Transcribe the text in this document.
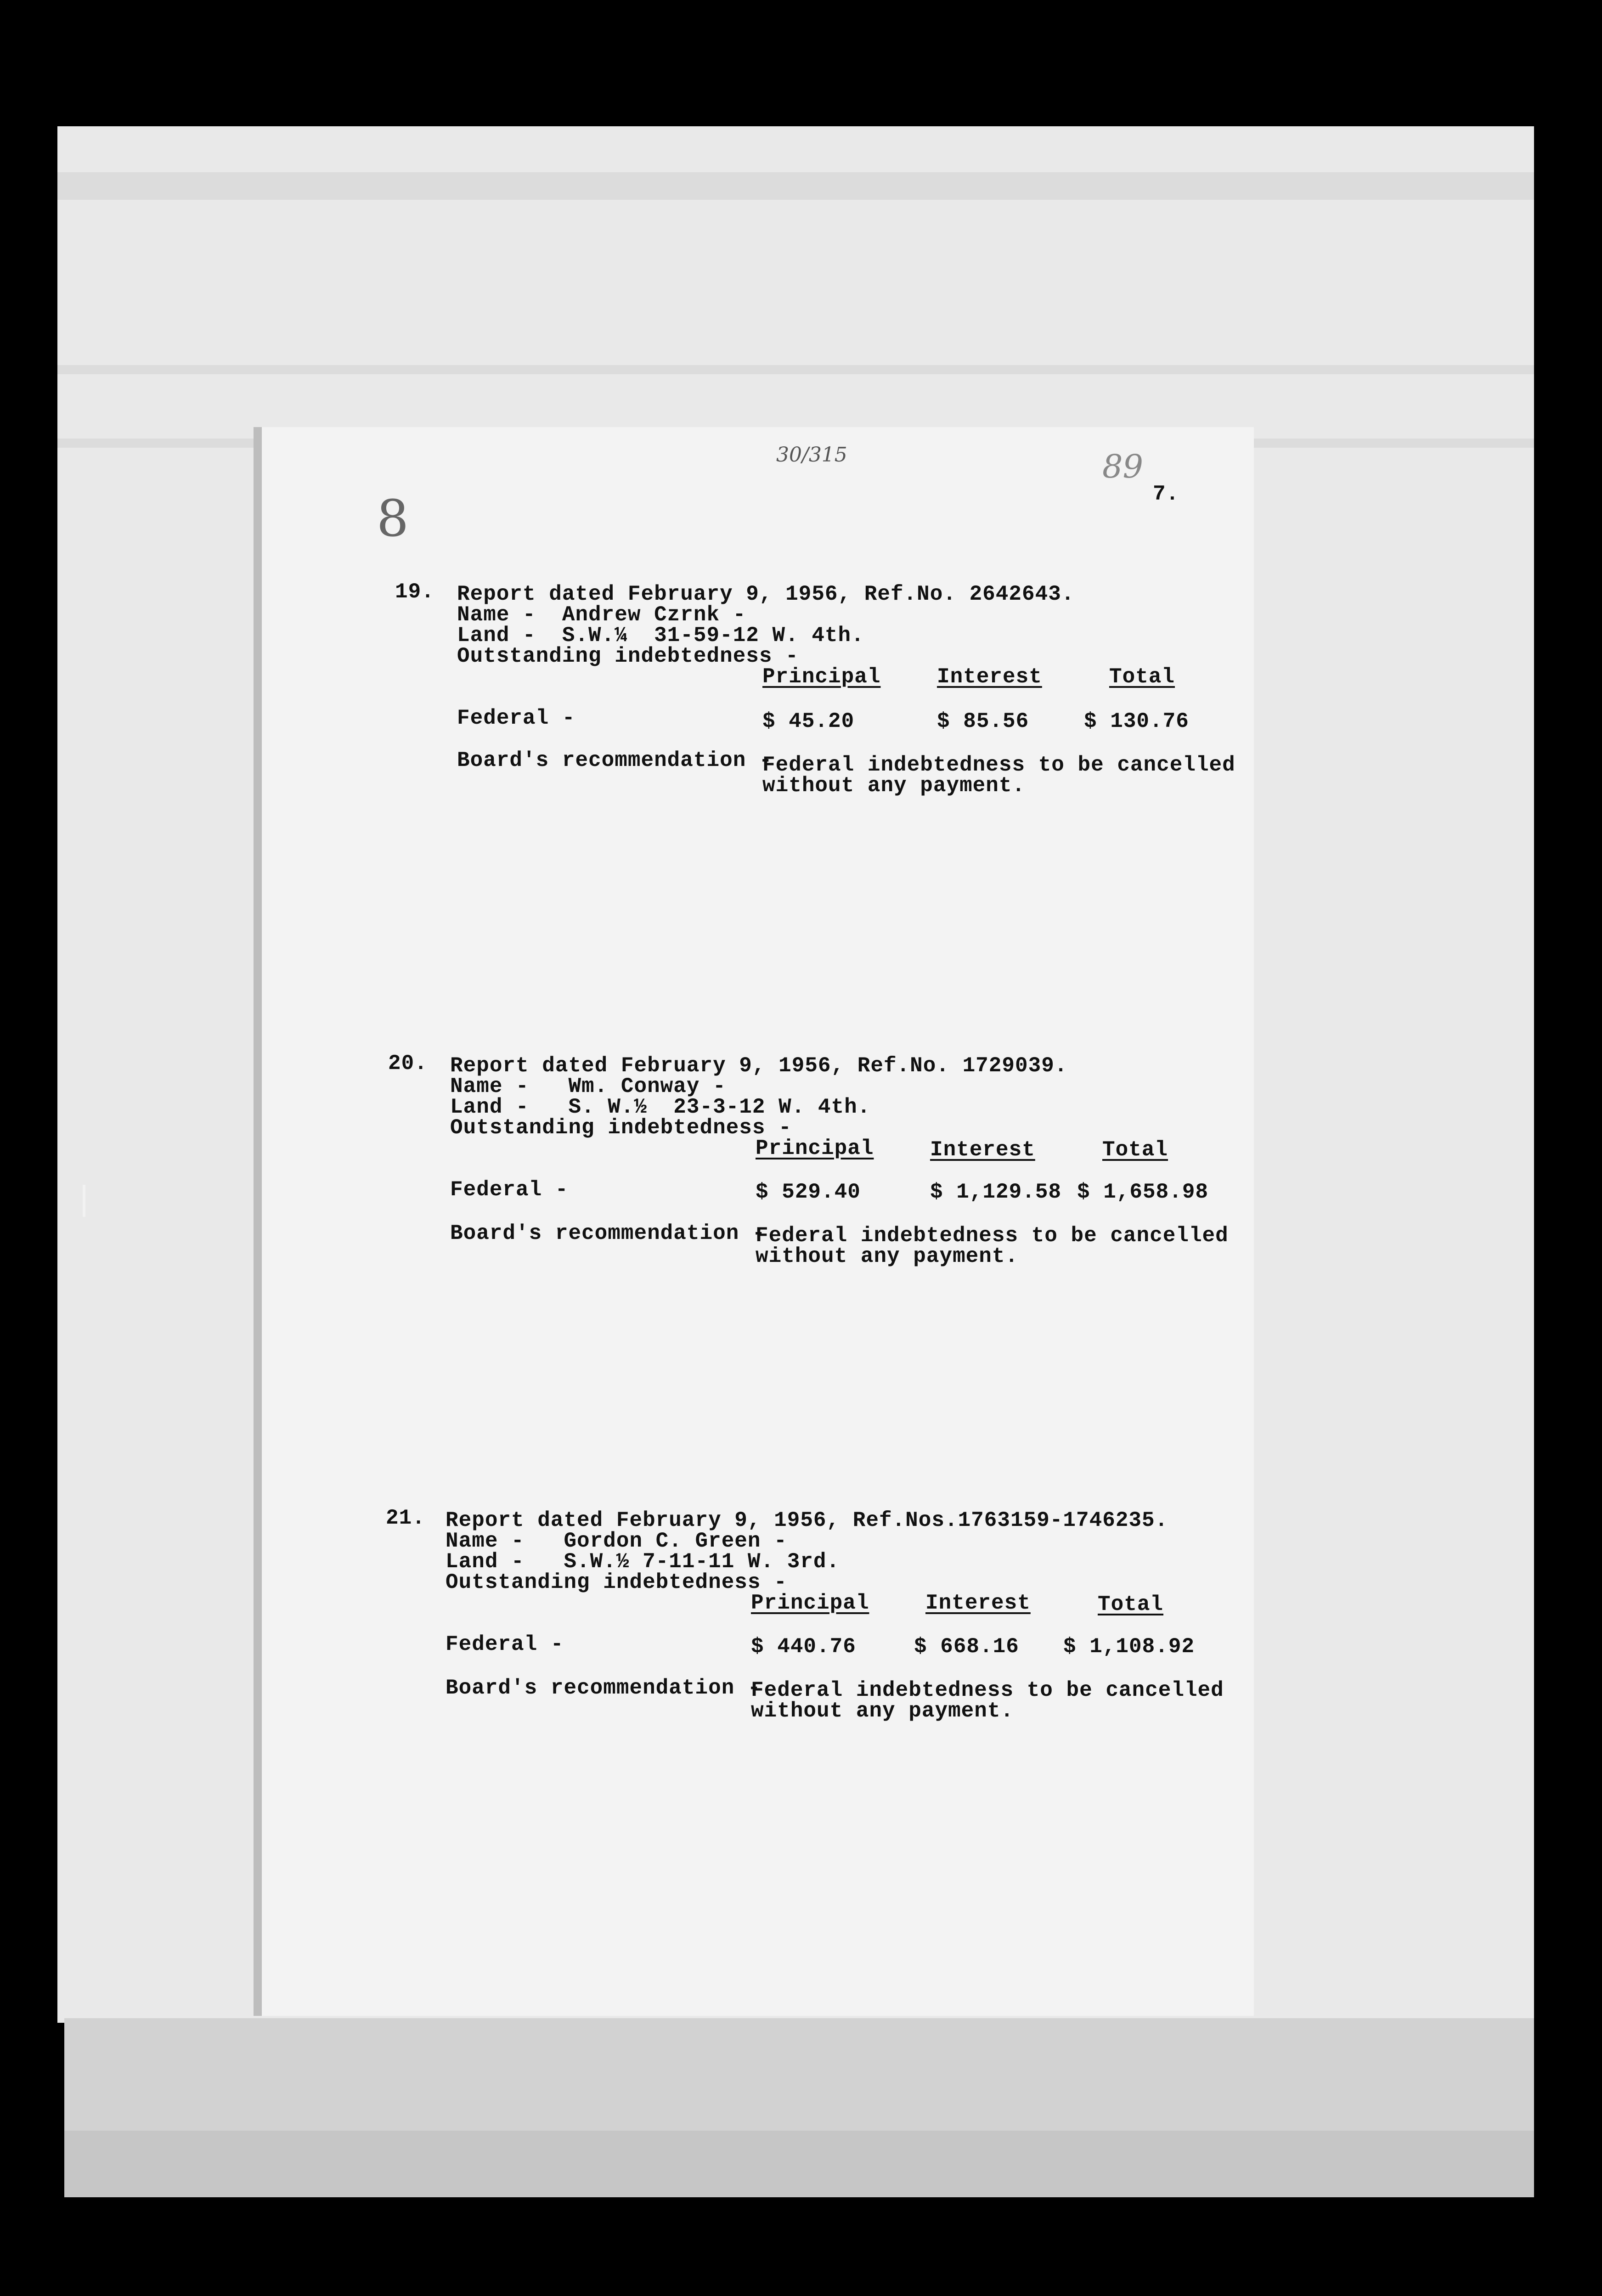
30/315	89
7.
8
19. Report dated February 9, 1956, Ref.No. 2642643.
Name -  Andrew Czrnk -
Land -  S.W.¼  31-59-12 W. 4th.
Outstanding indebtedness -
Principal	Interest	Total
Federal -	$ 45.20	$ 85.56	$ 130.76
Board's recommendation -
Federal indebtedness to be cancelled
without any payment.
20. Report dated February 9, 1956, Ref.No. 1729039.
Name -   Wm. Conway -
Land -   S. W.½  23-3-12 W. 4th.
Outstanding indebtedness -
Principal	Interest	Total
Federal -	$ 529.40	$ 1,129.58 $ 1,658.98
Board's recommendation -
Federal indebtedness to be cancelled
without any payment.
21. Report dated February 9, 1956, Ref.Nos.1763159-1746235.
Name -   Gordon C. Green -
Land -   S.W.½ 7-11-11 W. 3rd.
Outstanding indebtedness -
Principal	Interest	Total
Federal -	$ 440.76	$ 668.16 $ 1,108.92
Board's recommendation -
Federal indebtedness to be cancelled
without any payment.
